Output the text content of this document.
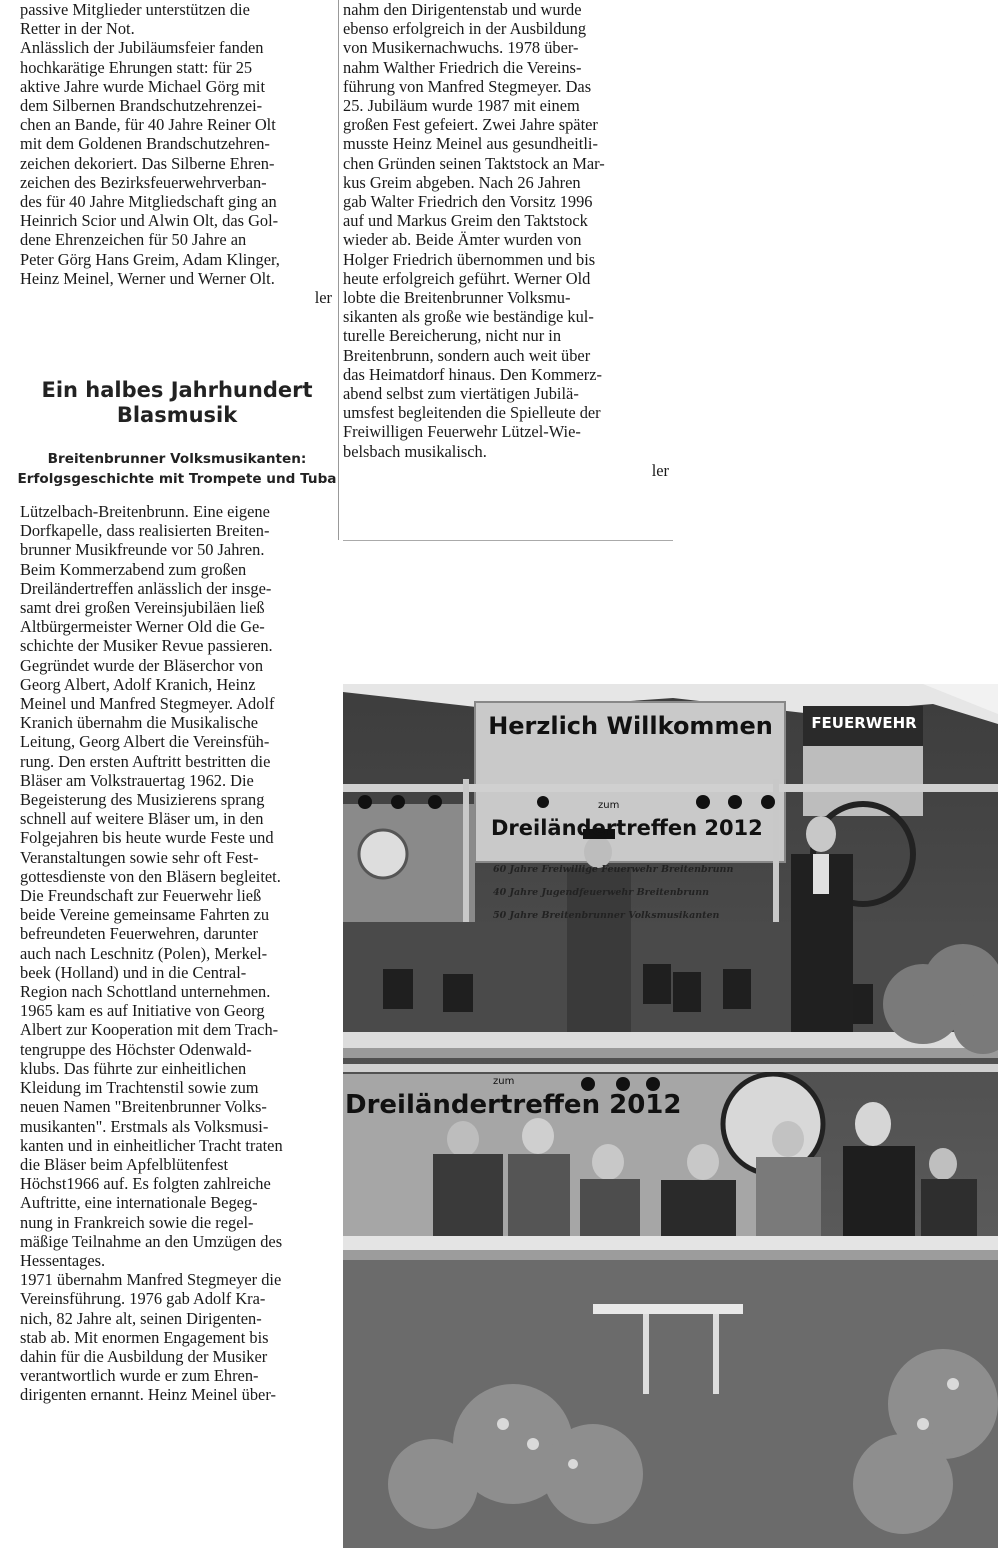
passive Mitglieder unterstützen die
Retter in der Not.
Anlässlich der Jubiläumsfeier fanden
hochkarätige Ehrungen statt: für 25
aktive Jahre wurde Michael Görg mit
dem Silbernen Brandschutzehrenzei-
chen an Bande, für 40 Jahre Reiner Olt
mit dem Goldenen Brandschutzehren-
zeichen dekoriert. Das Silberne Ehren-
zeichen des Bezirksfeuerwehrverban-
des für 40 Jahre Mitgliedschaft ging an
Heinrich Scior und Alwin Olt, das Gol-
dene Ehrenzeichen für 50 Jahre an
Peter Görg Hans Greim, Adam Klinger,
Heinz Meinel, Werner und Werner Olt.
ler
Ein halbes Jahrhundert
Blasmusik
Breitenbrunner Volksmusikanten:
Erfolgsgeschichte mit Trompete und Tuba
Lützelbach-Breitenbrunn. Eine eigene
Dorfkapelle, dass realisierten Breiten-
brunner Musikfreunde vor 50 Jahren.
Beim Kommerzabend zum großen
Dreiländertreffen anlässlich der insge-
samt drei großen Vereinsjubiläen ließ
Altbürgermeister Werner Old die Ge-
schichte der Musiker Revue passieren.
Gegründet wurde der Bläserchor von
Georg Albert, Adolf Kranich, Heinz
Meinel und Manfred Stegmeyer. Adolf
Kranich übernahm die Musikalische
Leitung, Georg Albert die Vereinsfüh-
rung. Den ersten Auftritt bestritten die
Bläser am Volkstrauertag 1962. Die
Begeisterung des Musizierens sprang
schnell auf weitere Bläser um, in den
Folgejahren bis heute wurde Feste und
Veranstaltungen sowie sehr oft Fest-
gottesdienste von den Bläsern begleitet.
Die Freundschaft zur Feuerwehr ließ
beide Vereine gemeinsame Fahrten zu
befreundeten Feuerwehren, darunter
auch nach Leschnitz (Polen), Merkel-
beek (Holland) und in die Central-
Region nach Schottland unternehmen.
1965 kam es auf Initiative von Georg
Albert zur Kooperation mit dem Trach-
tengruppe des Höchster Odenwald-
klubs. Das führte zur einheitlichen
Kleidung im Trachtenstil sowie zum
neuen Namen "Breitenbrunner Volks-
musikanten". Erstmals als Volksmusi-
kanten und in einheitlicher Tracht traten
die Bläser beim Apfelblütenfest
Höchst1966 auf. Es folgten zahlreiche
Auftritte, eine internationale Begeg-
nung in Frankreich sowie die regel-
mäßige Teilnahme an den Umzügen des
Hessentages.
1971 übernahm Manfred Stegmeyer die
Vereinsführung. 1976 gab Adolf Kra-
nich, 82 Jahre alt, seinen Dirigenten-
stab ab. Mit enormen Engagement bis
dahin für die Ausbildung der Musiker
verantwortlich wurde er zum Ehren-
dirigenten ernannt. Heinz Meinel über-
nahm den Dirigentenstab und wurde
ebenso erfolgreich in der Ausbildung
von Musikernachwuchs. 1978 über-
nahm Walther Friedrich die Vereins-
führung von Manfred Stegmeyer. Das
25. Jubiläum wurde 1987 mit einem
großen Fest gefeiert. Zwei Jahre später
musste Heinz Meinel aus gesundheitli-
chen Gründen seinen Taktstock an Mar-
kus Greim abgeben. Nach 26 Jahren
gab Walter Friedrich den Vorsitz 1996
auf und Markus Greim den Taktstock
wieder ab. Beide Ämter wurden von
Holger Friedrich übernommen und bis
heute erfolgreich geführt. Werner Old
lobte die Breitenbrunner Volksmu-
sikanten als große wie beständige kul-
turelle Bereicherung, nicht nur in
Breitenbrunn, sondern auch weit über
das Heimatdorf hinaus. Den Kommerz-
abend selbst zum viertätigen Jubilä-
umsfest begleitenden die Spielleute der
Freiwilligen Feuerwehr Lützel-Wie-
belsbach musikalisch.
ler
Herzlich Willkommen	FEUERWEHR
zum
Dreiländertreffen 2012
60 Jahre Freiwillige Feuerwehr Breitenbrunn
40 Jahre Jugendfeuerwehr Breitenbrunn
50 Jahre Breitenbrunner Volksmusikanten
zum
Dreiländertreffen 2012
